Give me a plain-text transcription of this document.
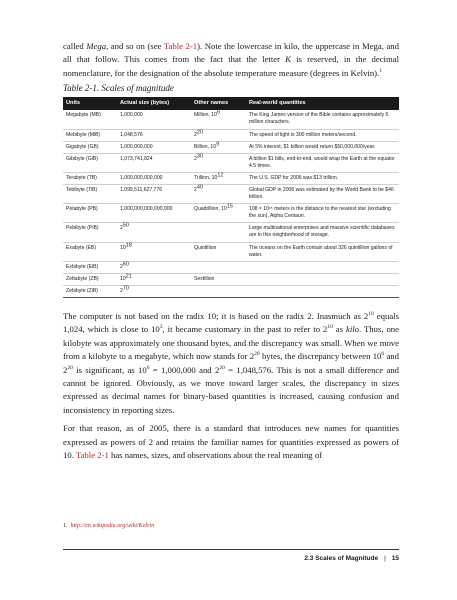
called Mega, and so on (see Table 2-1). Note the lowercase in kilo, the uppercase in Mega, and all that follow. This comes from the fact that the letter K is reserved, in the decimal nomenclature, for the designation of the absolute temperature measure (degrees in Kelvin).$^1$

Table 2-1. Scales of magnitude
Units	Actual size (bytes)	Other names	Real-world quantities
Megabyte (MB)	1,000,000	Million, $10^6$	The King James version of the Bible contains approximately 5 million characters.
Mebibyte (MiB)	1,048,576	$2^{20}$	The speed of light is 300 million meters/second.
Gigabyte (GB)	1,000,000,000	Billion, $10^9$	At 5% interest, $1 billion would return $50,000,000/year.
Gibibyte (GiB)	1,073,741,824	$2^{30}$	A billion $1 bills, end-to-end, would wrap the Earth at the equator 4.5 times.
Terabyte (TB)	1,000,000,000,000	Trillion, $10^{12}$	The U.S. GDP for 2006 was $13 trillion.
Tebibyte (TiB)	1,099,511,627,776	$2^{40}$	Global GDP in 2006 was estimated by the World Bank to be $46 trillion.
Petabyte (PB)	1,000,000,000,000,000	Quadrillion, $10^{15}$	108 × 10¹⁵ meters is the distance to the nearest star (excluding the sun), Alpha Centauri.
Pebibyte (PiB)	$2^{50}$		Large multinational enterprises and massive scientific databases are in this neighborhood of storage.
Exabyte (EB)	$10^{18}$	Quintillion	The oceans on the Earth contain about 326 quintillion gallons of water.
Exbibyte (EiB)	$2^{60}$		
Zettabyte (ZB)	$10^{21}$	Sextillion	
Zebibyte (ZiB)	$2^{70}$		

The computer is not based on the radix 10; it is based on the radix 2. Inasmuch as $2^{10}$ equals 1,024, which is close to $10^3$, it became customary in the past to refer to $2^{10}$ as kilo. Thus, one kilobyte was approximately one thousand bytes, and the discrepancy was small. When we move from a kilobyte to a megabyte, which now stands for $2^{20}$ bytes, the discrepancy between $10^6$ and $2^{20}$ is significant, as $10^6 = 1,000,000$ and $2^{20} = 1,048,576$. This is not a small difference and cannot be ignored. Obviously, as we move toward larger scales, the discrepancy in sizes expressed as decimal names for binary-based quantities is increased, causing confusion and inconsistency in reporting sizes.

For that reason, as of 2005, there is a standard that introduces new names for quantities expressed as powers of 2 and retains the familiar names for quantities expressed as powers of 10. Table 2-1 has names, sizes, and observations about the real meaning of

1. http://en.wikipedia.org/wiki/Kelvin
2.3 Scales of Magnitude | 15
